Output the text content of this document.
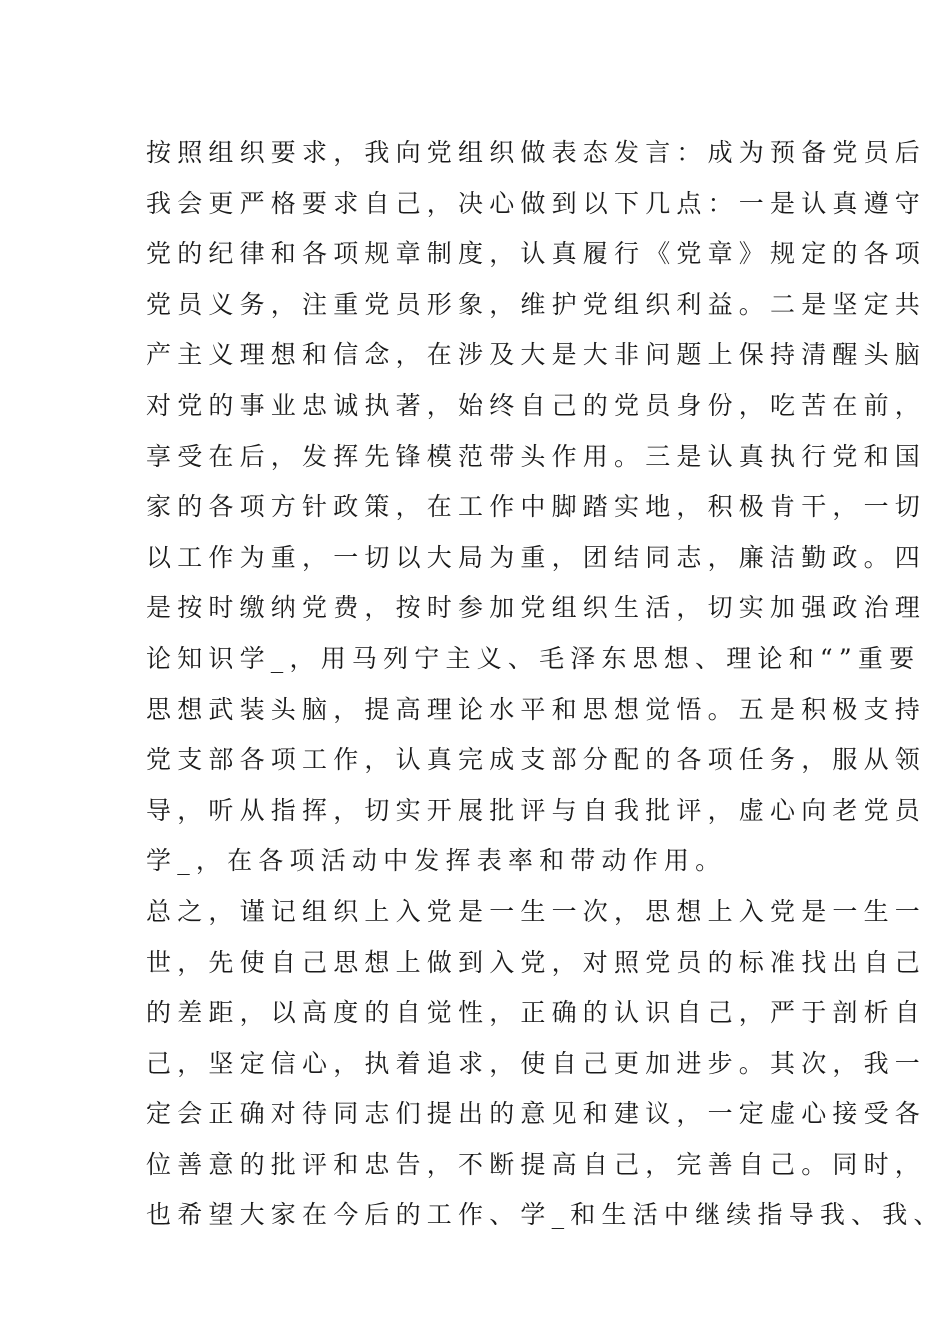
按照组织要求，我向党组织做表态发言：成为预备党员后
我会更严格要求自己，决心做到以下几点：一是认真遵守
党的纪律和各项规章制度，认真履行《党章》规定的各项
党员义务，注重党员形象，维护党组织利益。二是坚定共
产主义理想和信念，在涉及大是大非问题上保持清醒头脑
对党的事业忠诚执著，始终自己的党员身份，吃苦在前，
享受在后，发挥先锋模范带头作用。三是认真执行党和国
家的各项方针政策，在工作中脚踏实地，积极肯干，一切
以工作为重，一切以大局为重，团结同志，廉洁勤政。四
是按时缴纳党费，按时参加党组织生活，切实加强政治理
论知识学_，用马列宁主义、毛泽东思想、理论和“”重要
思想武装头脑，提高理论水平和思想觉悟。五是积极支持
党支部各项工作，认真完成支部分配的各项任务，服从领
导，听从指挥，切实开展批评与自我批评，虚心向老党员
学_，在各项活动中发挥表率和带动作用。
总之，谨记组织上入党是一生一次，思想上入党是一生一
世，先使自己思想上做到入党，对照党员的标准找出自己
的差距，以高度的自觉性，正确的认识自己，严于剖析自
己，坚定信心，执着追求，使自己更加进步。其次，我一
定会正确对待同志们提出的意见和建议，一定虚心接受各
位善意的批评和忠告，不断提高自己，完善自己。同时，
也希望大家在今后的工作、学_和生活中继续指导我、我、
